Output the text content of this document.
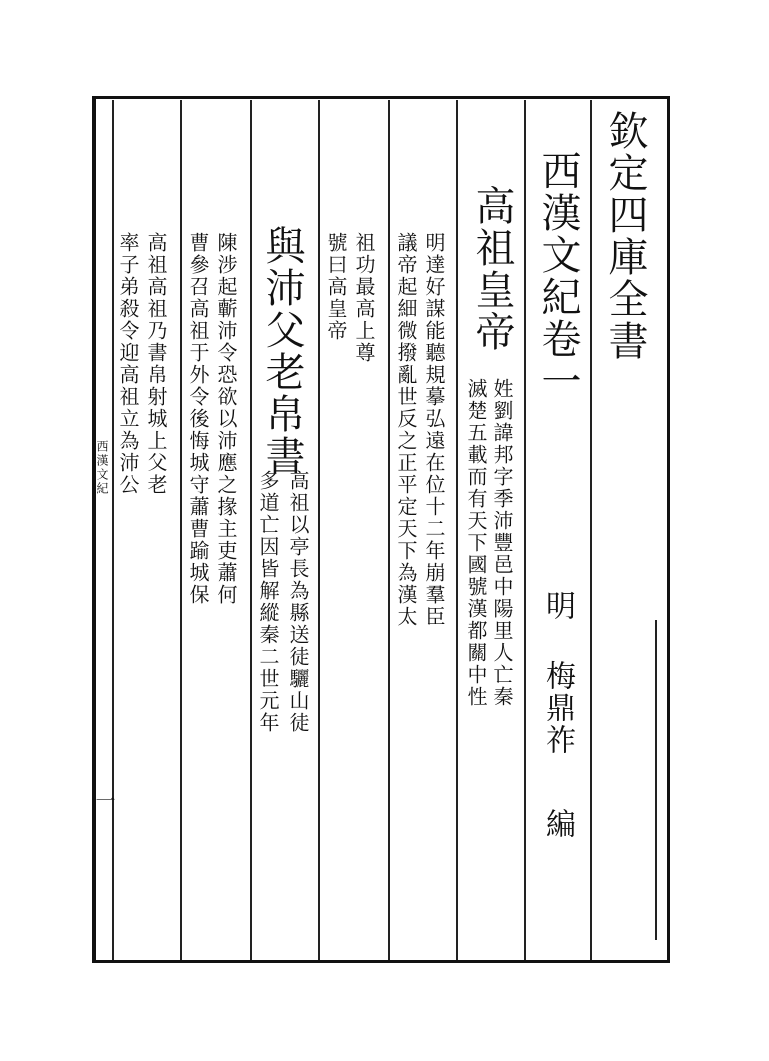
欽定四庫全書
西漢文紀卷一
明
梅鼎祚
編
高祖皇帝
姓劉諱邦字季沛豐邑中陽里人亡秦
滅楚五載而有天下國號漢都關中性
明達好謀能聽規摹弘遠在位十二年崩羣臣
議帝起細微撥亂世反之正平定天下為漢太
祖功最高上尊
號曰高皇帝
與沛父老帛書
高祖以亭長為縣送徒驪山徒
多道亡因皆解縱秦二世元年
陳涉起蘄沛令恐欲以沛應之掾主吏蕭何
曹參召高祖于外令後悔城守蕭曹踰城保
高祖高祖乃書帛射城上父老
率子弟殺令迎高祖立為沛公
西漢文紀
一
